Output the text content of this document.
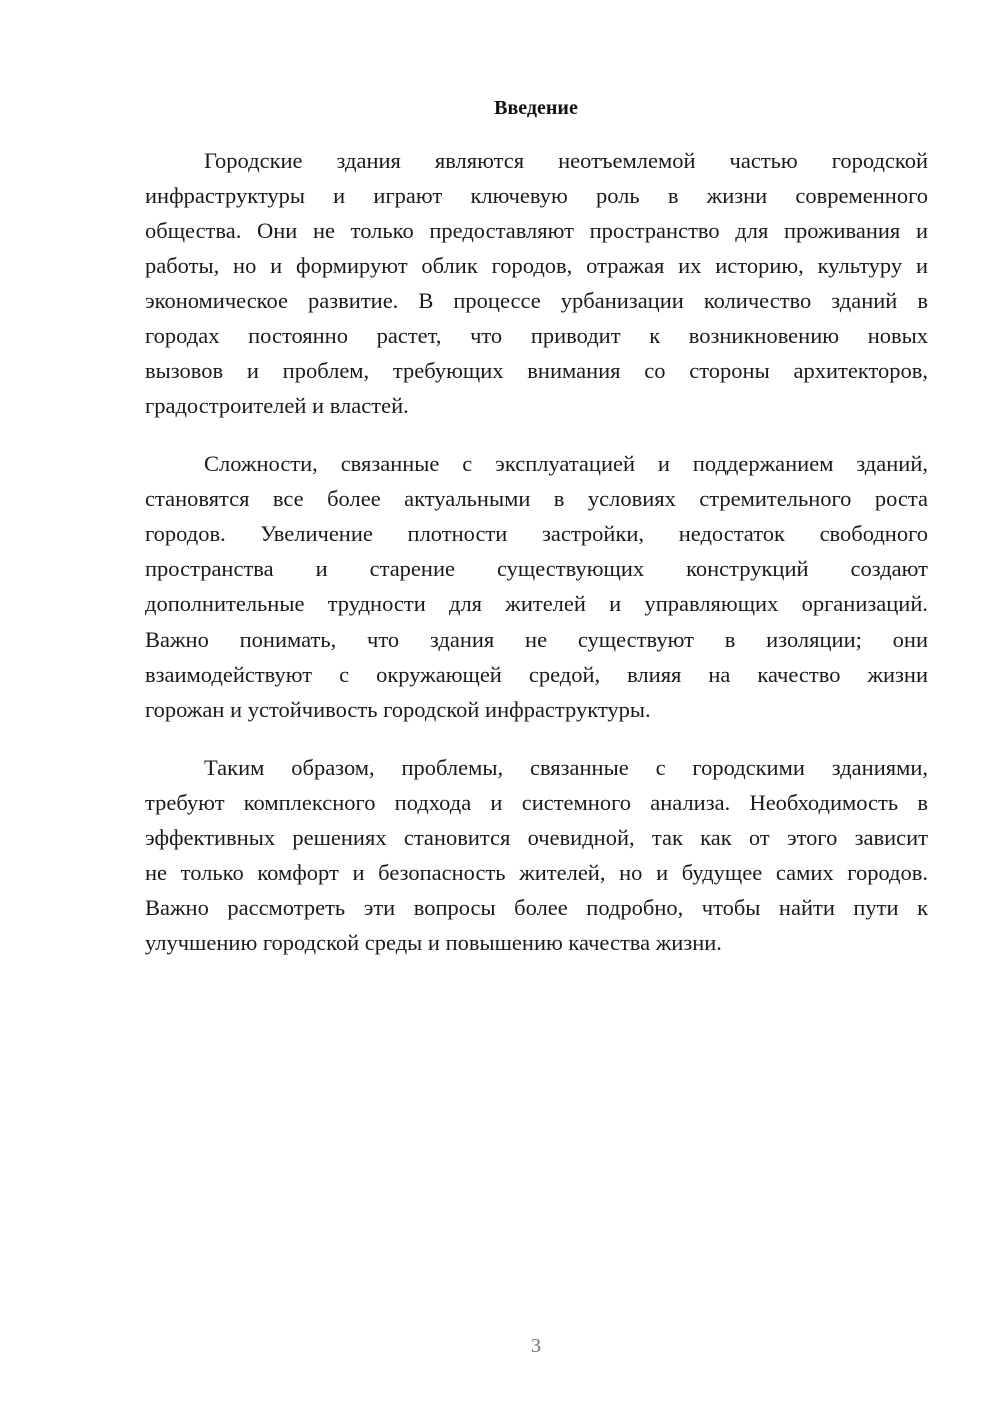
Введение
Городские здания являются неотъемлемой частью городской
инфраструктуры и играют ключевую роль в жизни современного
общества. Они не только предоставляют пространство для проживания и
работы, но и формируют облик городов, отражая их историю, культуру и
экономическое развитие. В процессе урбанизации количество зданий в
городах постоянно растет, что приводит к возникновению новых
вызовов и проблем, требующих внимания со стороны архитекторов,
градостроителей и властей.
Сложности, связанные с эксплуатацией и поддержанием зданий,
становятся все более актуальными в условиях стремительного роста
городов. Увеличение плотности застройки, недостаток свободного
пространства и старение существующих конструкций создают
дополнительные трудности для жителей и управляющих организаций.
Важно понимать, что здания не существуют в изоляции; они
взаимодействуют с окружающей средой, влияя на качество жизни
горожан и устойчивость городской инфраструктуры.
Таким образом, проблемы, связанные с городскими зданиями,
требуют комплексного подхода и системного анализа. Необходимость в
эффективных решениях становится очевидной, так как от этого зависит
не только комфорт и безопасность жителей, но и будущее самих городов.
Важно рассмотреть эти вопросы более подробно, чтобы найти пути к
улучшению городской среды и повышению качества жизни.
3
